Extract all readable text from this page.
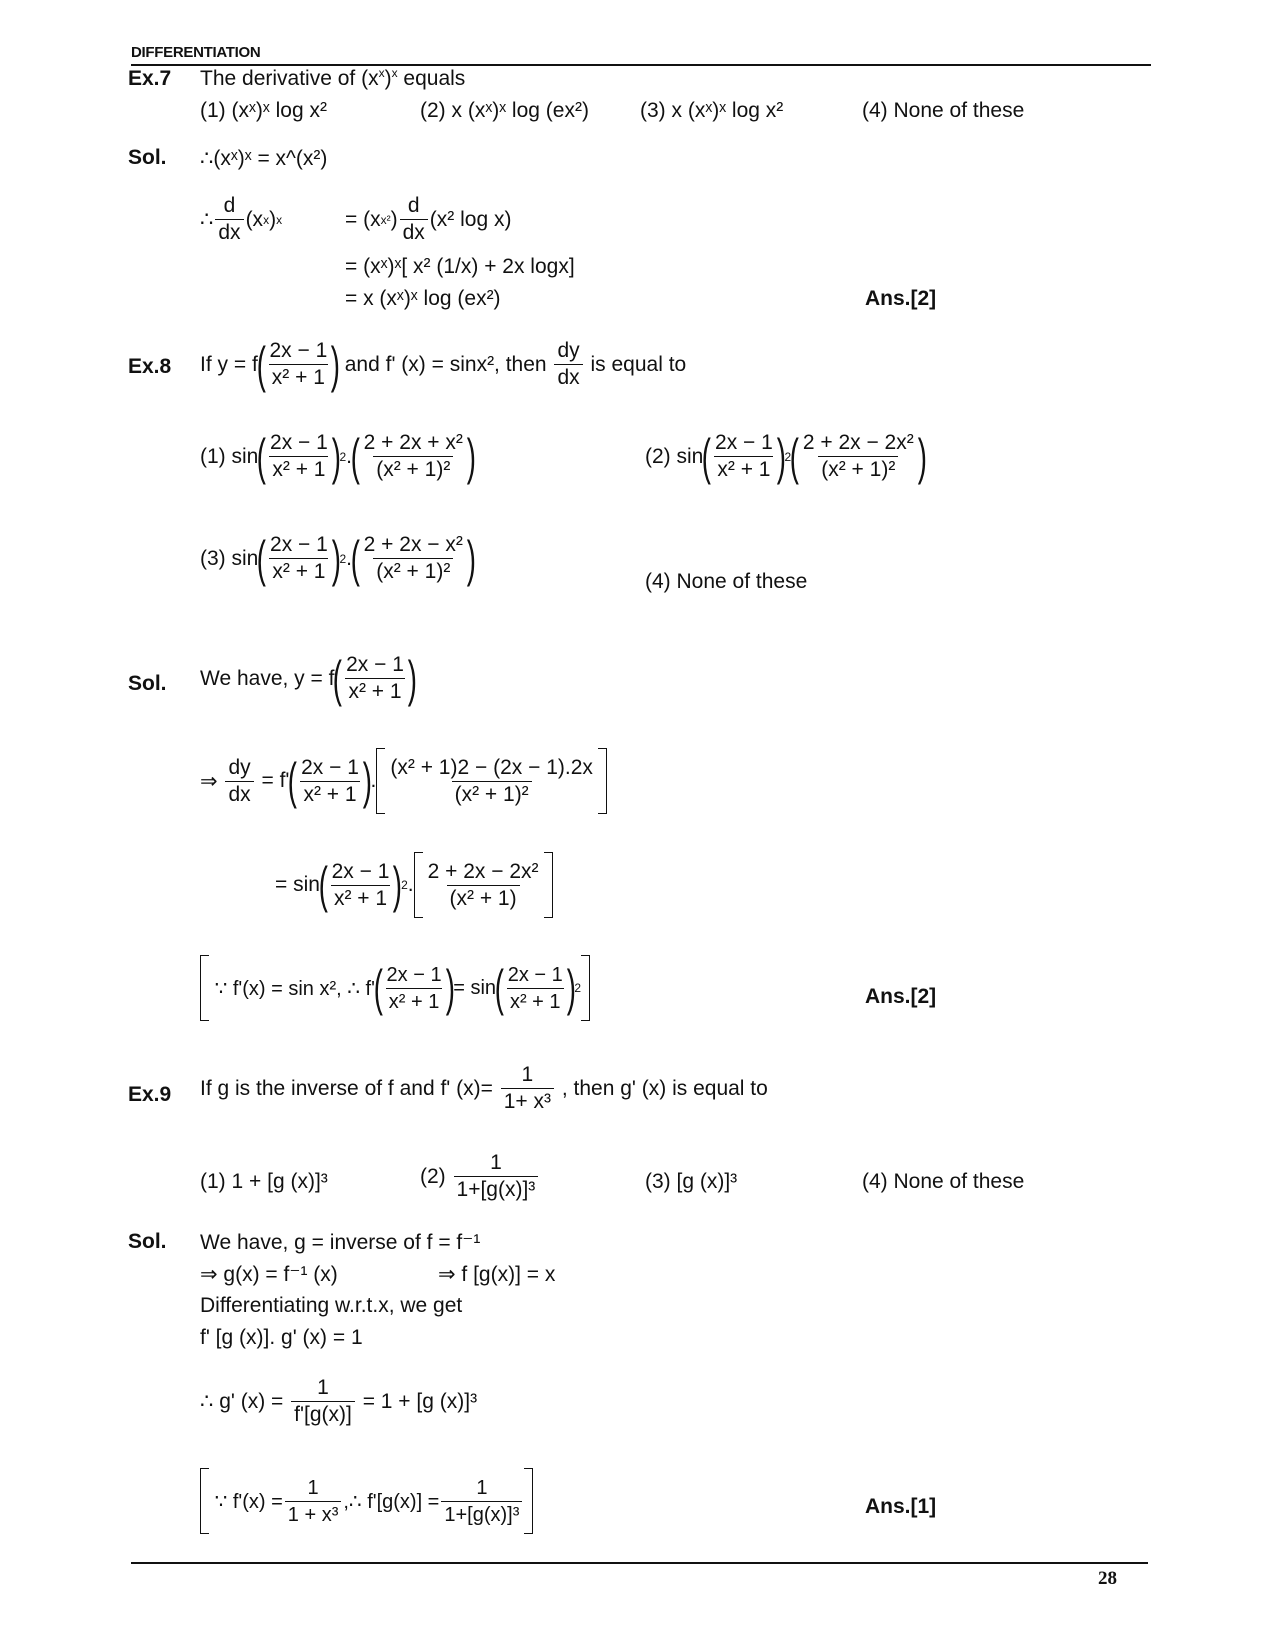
DIFFERENTIATION
Ex.7 The derivative of $(x^x)^x$ equals
(1) (xˣ)ˣ log x²	(2) x (xˣ)ˣ log (ex²) (3) x (xˣ)ˣ log x²	(4) None of these
Sol. ∴(xˣ)ˣ = x^(x²)
∴ $\frac{d}{dx} (x$ x ) x	= (x x² ) $\frac{d}{dx} (x^2$ log x)
= (xˣ)ˣ[ x² (1/x) + 2x logx]
= x (xˣ)ˣ log (ex²)	Ans.[2]
Ex.8 If y =
f
( $\frac{2x - 1}{\text{x² + 1}}$ )
and f' (x) = sinx², then
$\frac{dy}{dx}$
is equal to
(1)
sin
( $\frac{2x - 1}{\text{x² + 1}}$ )
2 .
( $\frac{\text{2 + 2x + x²}}{\text{(x² + 1)²}}$ )	(2)
sin
( $\frac{2x - 1}{\text{x² + 1}}$ )
2
( $\frac{\text{2 + 2x − 2x²}}{\text{(x² + 1)²}}$ )
(3)
sin
( $\frac{2x - 1}{\text{x² + 1}}$ )
2 .
( $\frac{\text{2 + 2x − x²}}{\text{(x² + 1)²}}$ )	(4) None of these
Sol. We have, y =
f
( $\frac{2x - 1}{\text{x² + 1}}$ )
⇒
$\frac{dy}{dx}$
= f'
( $\frac{2x - 1}{\text{x² + 1}}$ )
. $\frac{\text{(x² + 1)2 − (2x − 1).2x}}{\text{(x² + 1)²}}$
= sin
( $\frac{2x - 1}{\text{x² + 1}}$ )
2 . $\frac{\text{2 + 2x − 2x²}}{\text{(x² + 1)}}$

∵ f'(x) = sin x², ∴ f'
( $\frac{2x - 1}{\text{x² + 1}}$ )
= sin
( $\frac{2x - 1}{\text{x² + 1}}$ )
2	Ans.[2]
Ex.9 If g is the inverse of f and f' (x)=
$\frac{1}{\text{1+ x³}}$
, then g' (x) is equal to
(1) 1 + [g (x)]³	(2)
$\frac{1}{\text{1+[g(x)]³}}$	(3) [g (x)]³	(4) None of these
Sol. We have, g = inverse of f = f⁻¹
⇒ g(x) = f⁻¹ (x)	⇒ f [g(x)] = x
Differentiating w.r.t.x, we get
f' [g (x)]. g' (x) = 1
∴ g' (x) =
$\frac{1}{f'[g(x)]}$
= 1 + [g (x)]³

∵ $f'(x) = \frac{1}{\text{1 + x³}}$ ,∴ $f'[g(x)] = \frac{1}{\text{1+[g(x)]³}}$	Ans.[1]
28
